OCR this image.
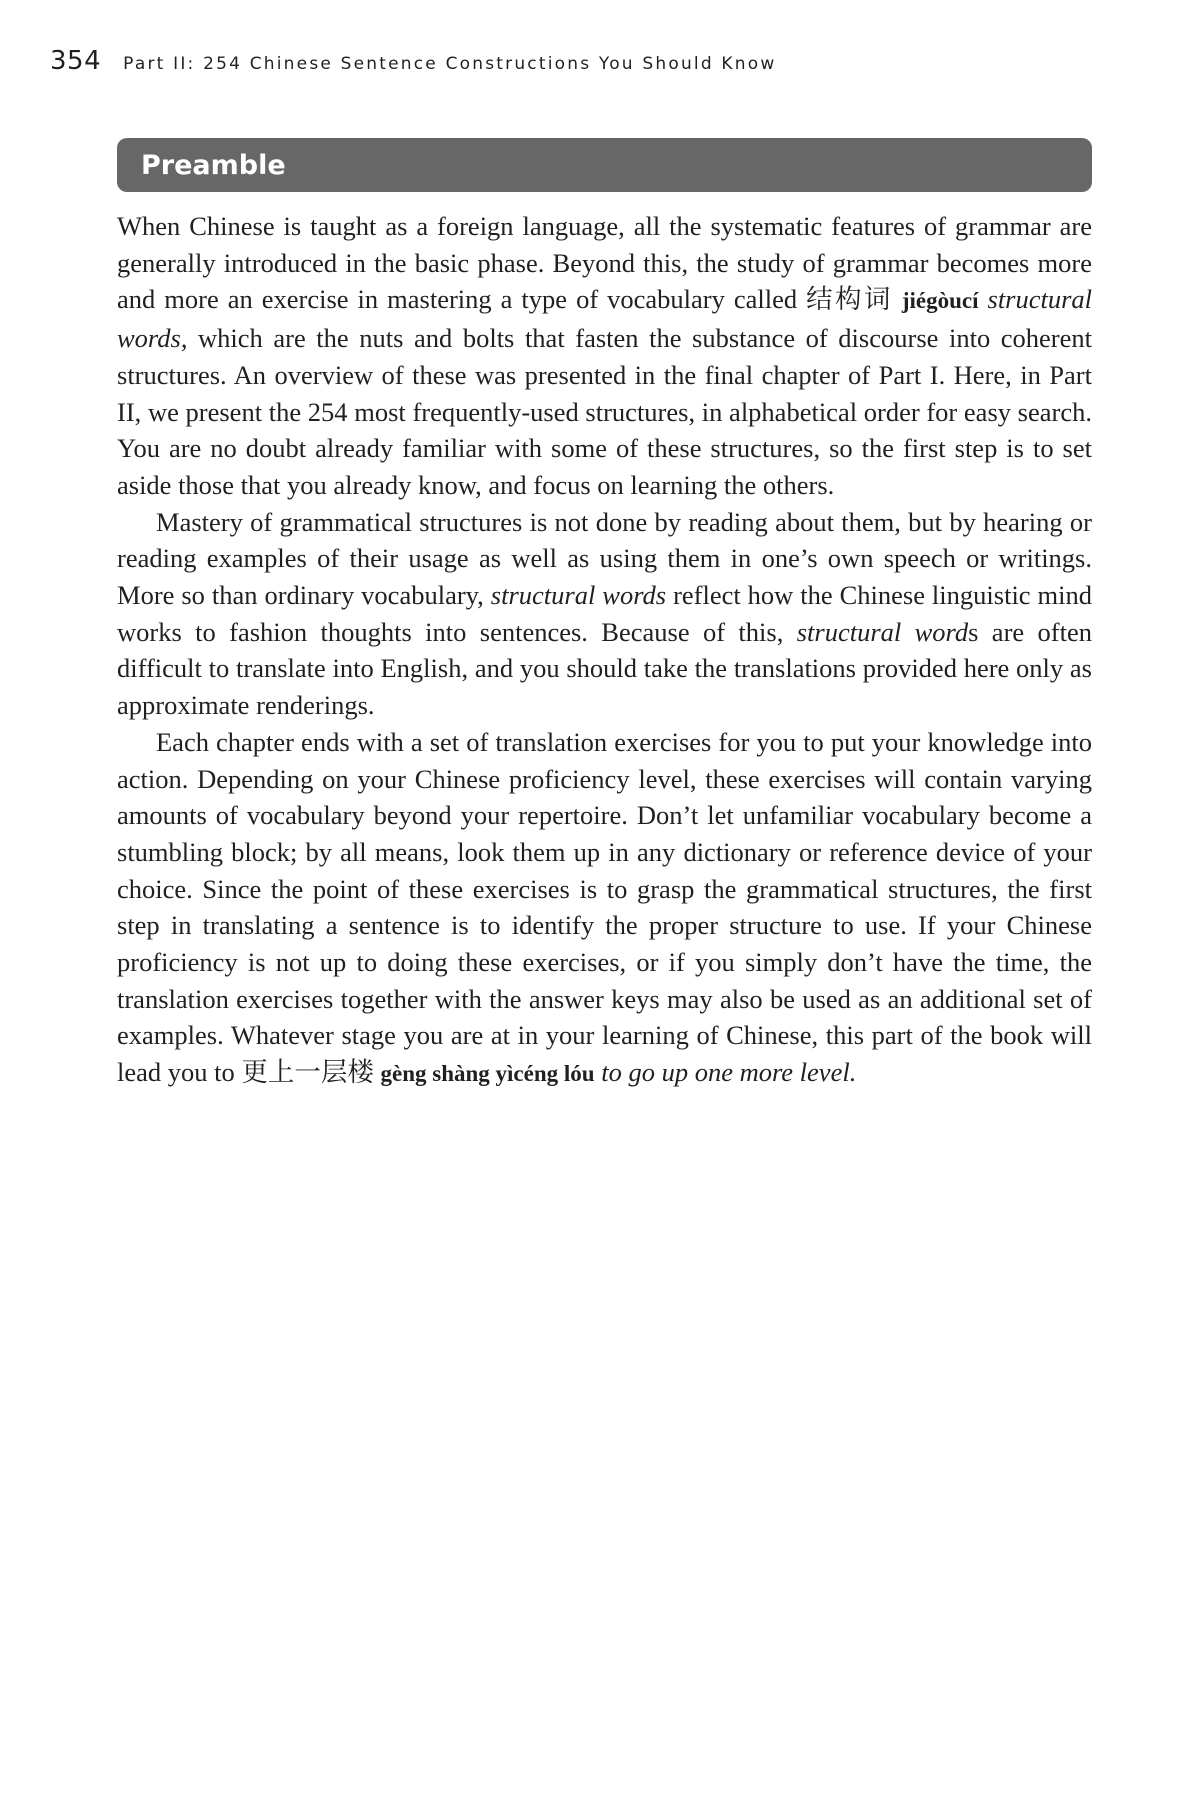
354 Part II: 254 Chinese Sentence Constructions You Should Know
Preamble

When Chinese is taught as a foreign language, all the systematic features of grammar are generally introduced in the basic phase. Beyond this, the study of grammar becomes more and more an exercise in mastering a type of vocabulary called 结构词 jiégòucí structural words, which are the nuts and bolts that fasten the substance of discourse into coherent structures. An overview of these was presented in the final chapter of Part I. Here, in Part II, we present the 254 most frequently-used structures, in alphabetical order for easy search. You are no doubt already familiar with some of these structures, so the first step is to set aside those that you already know, and focus on learning the others.

Mastery of grammatical structures is not done by reading about them, but by hearing or reading examples of their usage as well as using them in one’s own speech or writings. More so than ordinary vocabulary, structural words reflect how the Chinese linguistic mind works to fashion thoughts into sentences. Because of this, structural words are often difficult to translate into English, and you should take the translations provided here only as approximate renderings.

Each chapter ends with a set of translation exercises for you to put your knowledge into action. Depending on your Chinese proficiency level, these exercises will contain varying amounts of vocabulary beyond your repertoire. Don’t let unfamiliar vocabulary become a stumbling block; by all means, look them up in any dictionary or reference device of your choice. Since the point of these exercises is to grasp the grammatical structures, the first step in translating a sentence is to identify the proper structure to use. If your Chinese proficiency is not up to doing these exercises, or if you simply don’t have the time, the translation exercises together with the answer keys may also be used as an additional set of examples. Whatever stage you are at in your learning of Chinese, this part of the book will lead you to 更上一层楼 gèng shàng yìcéng lóu to go up one more level.
